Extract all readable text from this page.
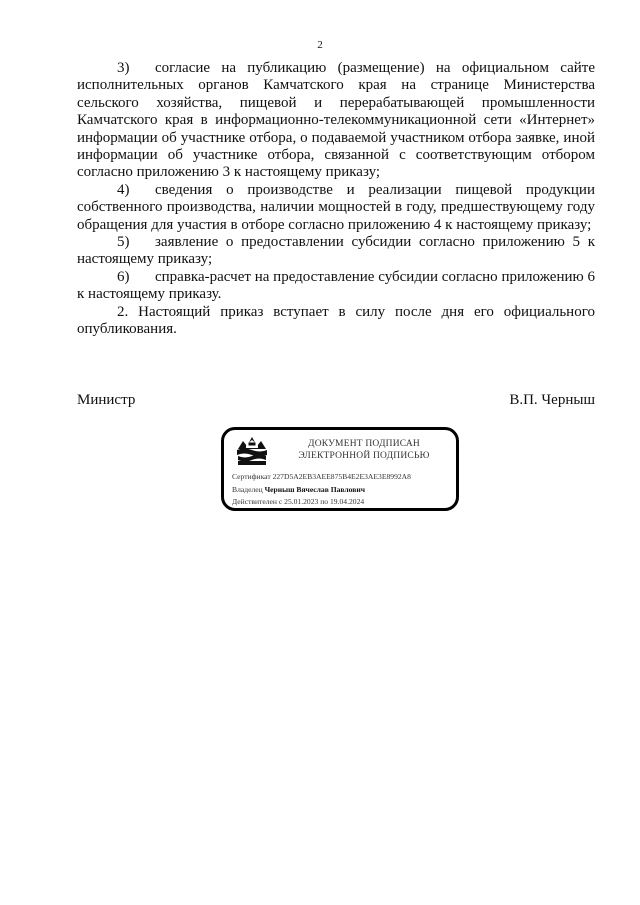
2

3) согласие на публикацию (размещение) на официальном сайте исполнительных органов Камчатского края на странице Министерства сельского хозяйства, пищевой и перерабатывающей промышленности Камчатского края в информационно-телекоммуникационной сети «Интернет» информации об участнике отбора, о подаваемой участником отбора заявке, иной информации об участнике отбора, связанной с соответствующим отбором согласно приложению 3 к настоящему приказу;

4) сведения о производстве и реализации пищевой продукции собственного производства, наличии мощностей в году, предшествующему году обращения для участия в отборе согласно приложению 4 к настоящему приказу;

5) заявление о предоставлении субсидии согласно приложению 5 к настоящему приказу;

6) справка-расчет на предоставление субсидии согласно приложению 6 к настоящему приказу.

2. Настоящий приказ вступает в силу после дня его официального опубликования.

Министр	В.П. Черныш
ДОКУМЕНТ ПОДПИСАН
ЭЛЕКТРОННОЙ ПОДПИСЬЮ
Сертификат 227D5A2EB3AEE875B4E2E3AE3E8992A8
Владелец Черныш Вячеслав Павлович
Действителен с 25.01.2023 по 19.04.2024
